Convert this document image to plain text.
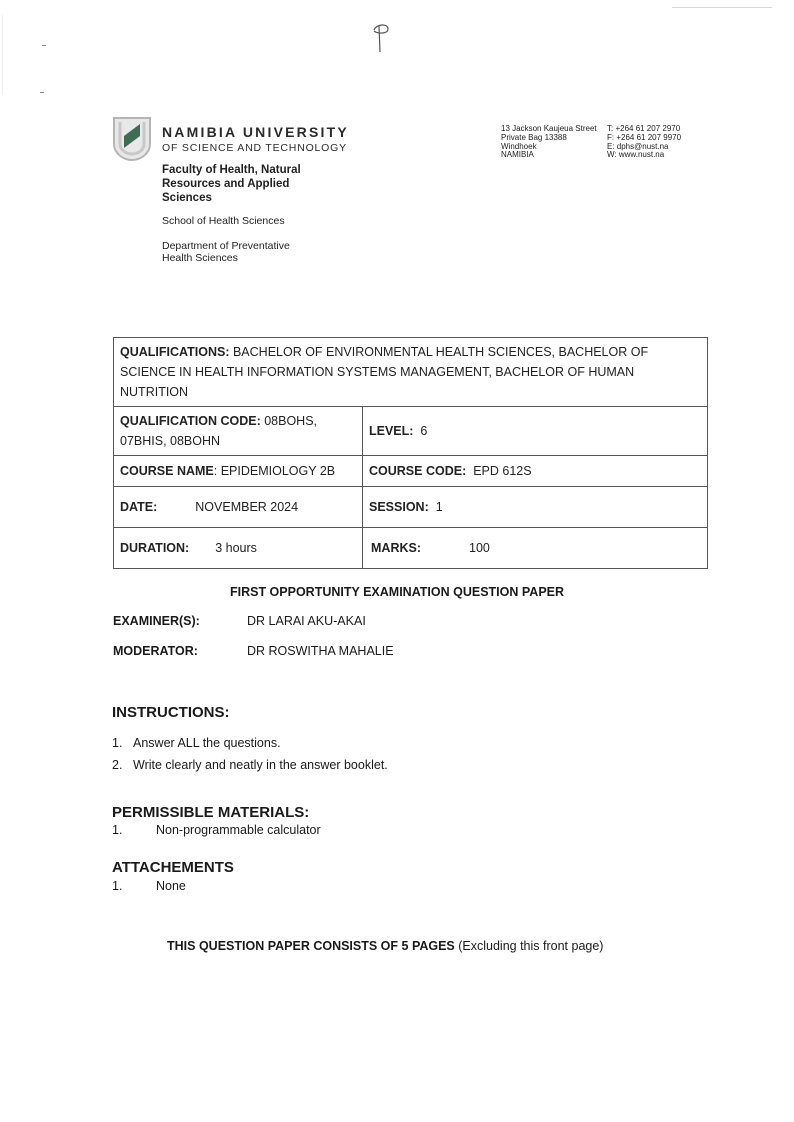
NAMIBIA UNIVERSITY
OF SCIENCE AND TECHNOLOGY
Faculty of Health, Natural Resources and Applied Sciences
School of Health Sciences
Department of Preventative Health Sciences
13 Jackson Kaujeua Street
Private Bag 13388
Windhoek
NAMIBIA
T: +264 61 207 2970
F: +264 61 207 9970
E: dphs@nust.na
W: www.nust.na
QUALIFICATIONS: BACHELOR OF ENVIRONMENTAL HEALTH SCIENCES, BACHELOR OF SCIENCE IN HEALTH INFORMATION SYSTEMS MANAGEMENT, BACHELOR OF HUMAN NUTRITION	
QUALIFICATION CODE: 08BOHS, 07BHIS, 08BOHN	LEVEL: 6
COURSE NAME: EPIDEMIOLOGY 2B	COURSE CODE: EPD 612S
DATE: NOVEMBER 2024	SESSION: 1
DURATION: 3 hours	MARKS: 100
FIRST OPPORTUNITY EXAMINATION QUESTION PAPER
EXAMINER(S):	DR LARAI AKU-AKAI
MODERATOR:	DR ROSWITHA MAHALIE
INSTRUCTIONS:
1. Answer ALL the questions.
2. Write clearly and neatly in the answer booklet.
PERMISSIBLE MATERIALS:
1.	Non-programmable calculator
ATTACHEMENTS
1.	None
THIS QUESTION PAPER CONSISTS OF 5 PAGES (Excluding this front page)
